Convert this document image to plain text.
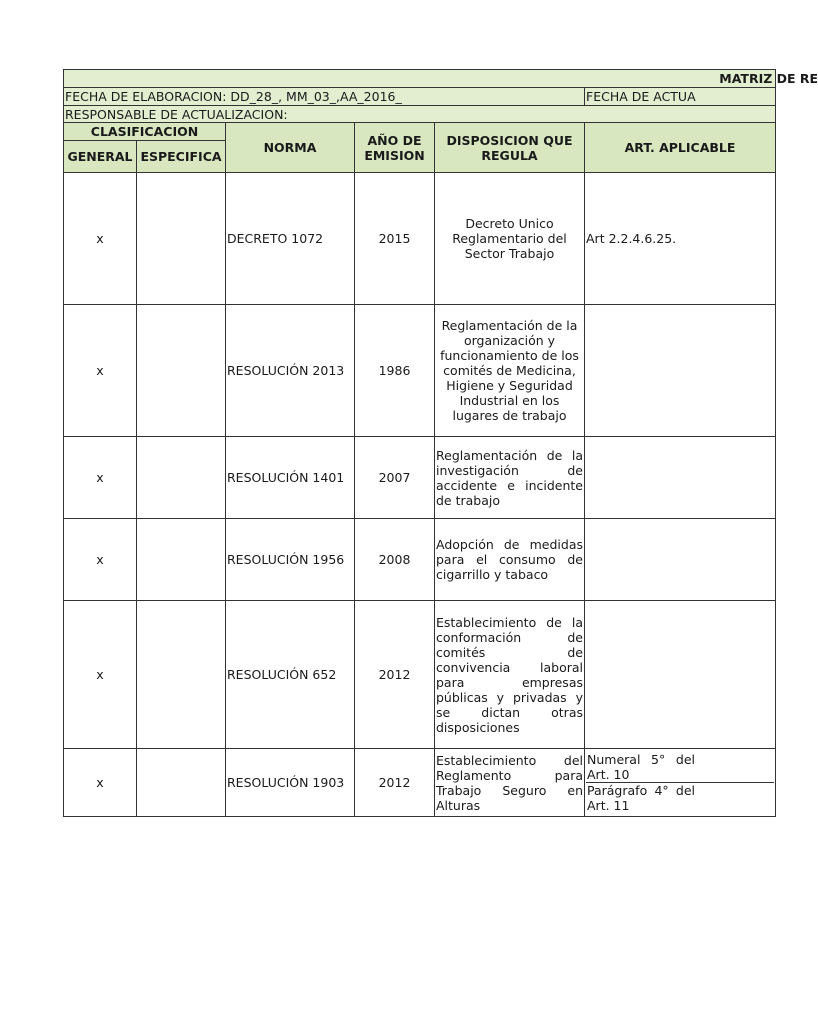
MATRIZ DE RE					
FECHA DE ELABORACION: DD_28_, MM_03_,AA_2016_					FECHA DE ACTUA
RESPONSABLE DE ACTUALIZACION:					
CLASIFICACION		NORMA	AÑO DE EMISION	DISPOSICION QUE REGULA	ART. APLICABLE
GENERAL	ESPECIFICA				
x		DECRETO 1072	2015	Decreto Unico Reglamentario del Sector Trabajo	Art 2.2.4.6.25.
x		RESOLUCIÓN 2013	1986	Reglamentación de la organización y funcionamiento de los comités de Medicina, Higiene y Seguridad Industrial en los lugares de trabajo	
x		RESOLUCIÓN 1401	2007	Reglamentación de la investigación de accidente e incidente de trabajo	
x		RESOLUCIÓN 1956	2008	Adopción de medidas para el consumo de cigarrillo y tabaco	
x		RESOLUCIÓN 652	2012	Establecimiento de la conformación de comités de convivencia laboral para empresas públicas y privadas y se dictan otras disposiciones	
x		RESOLUCIÓN 1903	2012	Establecimiento del Reglamento para Trabajo Seguro en Alturas	Numeral 5° del Art. 10
Parágrafo 4° del Art. 11
